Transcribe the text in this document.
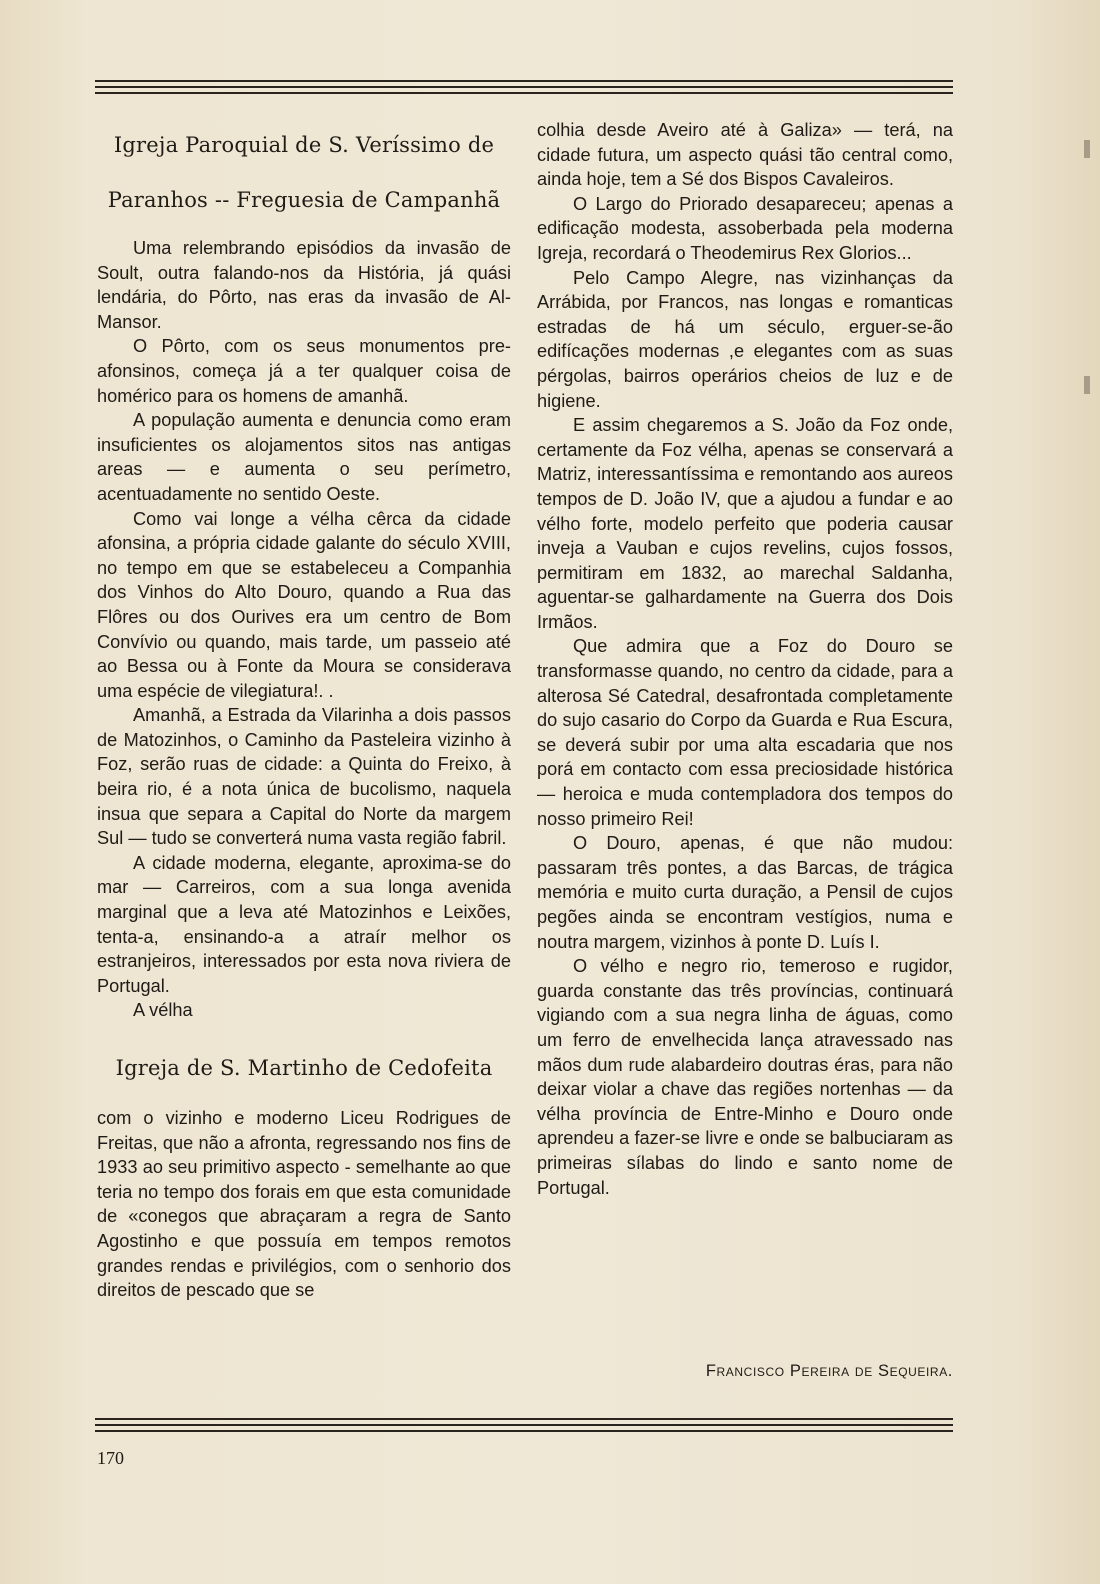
Igreja Paroquial de S. Veríssimo de
Paranhos -- Freguesia de Campanhã

Uma relembrando episódios da invasão de Soult, outra falando-nos da História, já quási lendária, do Pôrto, nas eras da invasão de Al-Mansor.

O Pôrto, com os seus monumentos pre-afonsinos, começa já a ter qualquer coisa de homérico para os homens de amanhã.

A população aumenta e denuncia como eram insuficientes os alojamentos sitos nas antigas areas — e aumenta o seu perímetro, acentuadamente no sentido Oeste.

Como vai longe a vélha cêrca da cidade afonsina, a própria cidade galante do século XVIII, no tempo em que se estabeleceu a Companhia dos Vinhos do Alto Douro, quando a Rua das Flôres ou dos Ourives era um centro de Bom Convívio ou quando, mais tarde, um passeio até ao Bessa ou à Fonte da Moura se considerava uma espécie de vilegiatura!. .

Amanhã, a Estrada da Vilarinha a dois passos de Matozinhos, o Caminho da Pasteleira vizinho à Foz, serão ruas de cidade: a Quinta do Freixo, à beira rio, é a nota única de bucolismo, naquela insua que separa a Capital do Norte da margem Sul — tudo se converterá numa vasta região fabril.

A cidade moderna, elegante, aproxima-se do mar — Carreiros, com a sua longa avenida marginal que a leva até Matozinhos e Leixões, tenta-a, ensinando-a a atraír melhor os estranjeiros, interessados por esta nova riviera de Portugal.

A vélha

Igreja de S. Martinho de Cedofeita

com o vizinho e moderno Liceu Rodrigues de Freitas, que não a afronta, regressando nos fins de 1933 ao seu primitivo aspecto - semelhante ao que teria no tempo dos forais em que esta comunidade de «conegos que abraçaram a regra de Santo Agostinho e que possuía em tempos remotos grandes rendas e privilégios, com o senhorio dos direitos de pescado que se

colhia desde Aveiro até à Galiza» — terá, na cidade futura, um aspecto quási tão central como, ainda hoje, tem a Sé dos Bispos Cavaleiros.

O Largo do Priorado desapareceu; apenas a edificação modesta, assoberbada pela moderna Igreja, recordará o Theodemirus Rex Glorios...

Pelo Campo Alegre, nas vizinhanças da Arrábida, por Francos, nas longas e romanticas estradas de há um século, erguer-se-ão edifícações modernas ,e elegantes com as suas pérgolas, bairros operários cheios de luz e de higiene.

E assim chegaremos a S. João da Foz onde, certamente da Foz vélha, apenas se conservará a Matriz, interessantíssima e remontando aos aureos tempos de D. João IV, que a ajudou a fundar e ao vélho forte, modelo perfeito que poderia causar inveja a Vauban e cujos revelins, cujos fossos, permitiram em 1832, ao marechal Saldanha, aguentar-se galhardamente na Guerra dos Dois Irmãos.

Que admira que a Foz do Douro se transformasse quando, no centro da cidade, para a alterosa Sé Catedral, desafrontada completamente do sujo casario do Corpo da Guarda e Rua Escura, se deverá subir por uma alta escadaria que nos porá em contacto com essa preciosidade histórica — heroica e muda contempladora dos tempos do nosso primeiro Rei!

O Douro, apenas, é que não mudou: passaram três pontes, a das Barcas, de trágica memória e muito curta duração, a Pensil de cujos pegões ainda se encontram vestígios, numa e noutra margem, vizinhos à ponte D. Luís I.

O vélho e negro rio, temeroso e rugidor, guarda constante das três províncias, continuará vigiando com a sua negra linha de águas, como um ferro de envelhecida lança atravessado nas mãos dum rude alabardeiro doutras éras, para não deixar violar a chave das regiões nortenhas — da vélha província de Entre-Minho e Douro onde aprendeu a fazer-se livre e onde se balbuciaram as primeiras sílabas do lindo e santo nome de Portugal.

Francisco Pereira de Sequeira.
170
